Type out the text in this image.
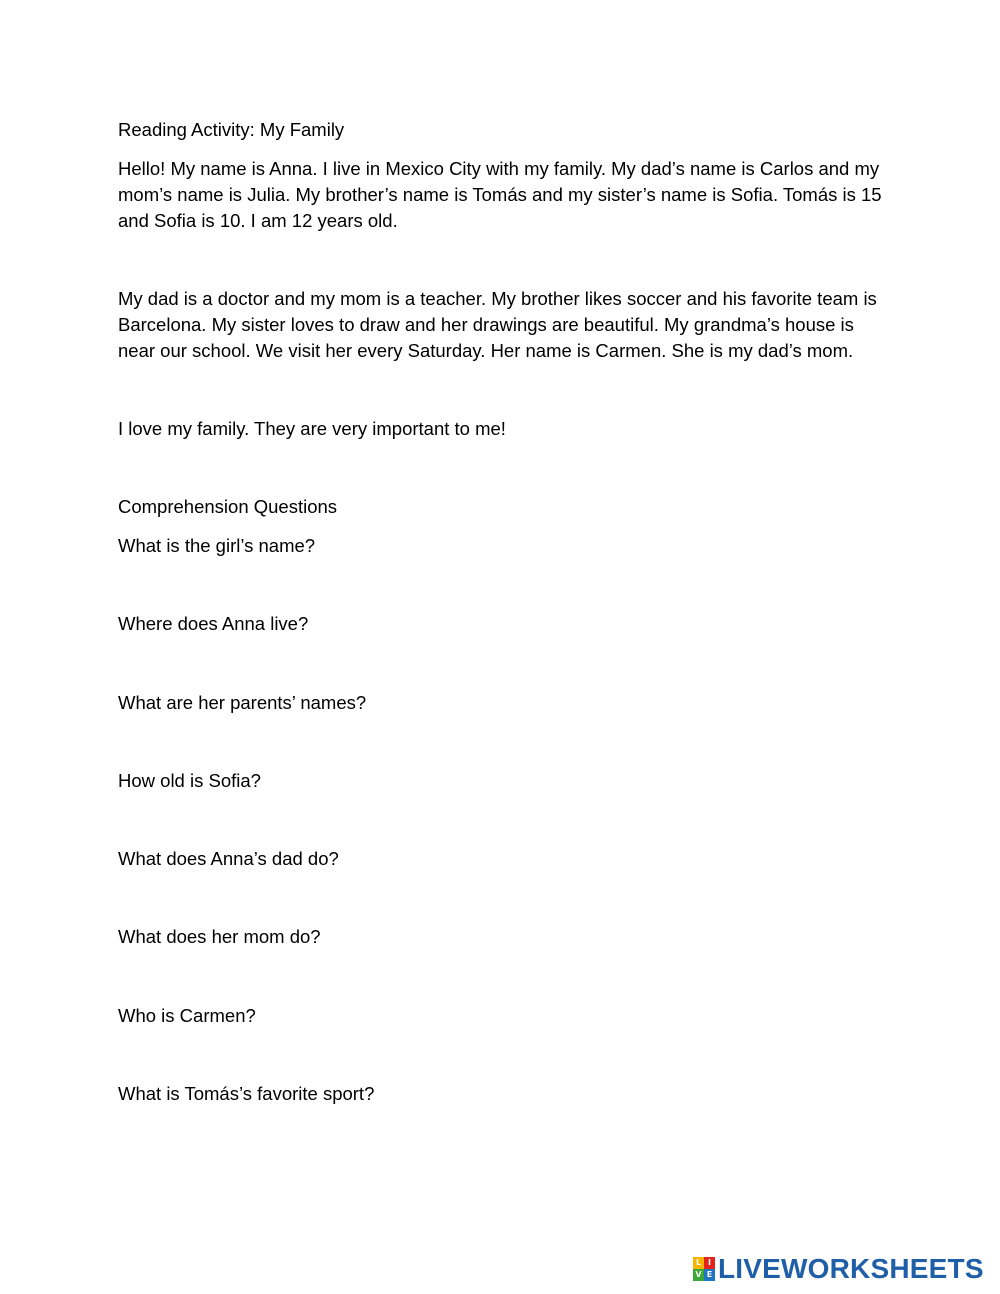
Reading Activity: My Family

Hello! My name is Anna. I live in Mexico City with my family. My dad’s name is Carlos and my mom’s name is Julia. My brother’s name is Tomás and my sister’s name is Sofia. Tomás is 15 and Sofia is 10. I am 12 years old.

My dad is a doctor and my mom is a teacher. My brother likes soccer and his favorite team is Barcelona. My sister loves to draw and her drawings are beautiful. My grandma’s house is near our school. We visit her every Saturday. Her name is Carmen. She is my dad’s mom.

I love my family. They are very important to me!

Comprehension Questions

What is the girl’s name?
Where does Anna live?
What are her parents’ names?
How old is Sofia?
What does Anna’s dad do?
What does her mom do?
Who is Carmen?
What is Tomás’s favorite sport?
L I
V E LIVEWORKSHEETS
